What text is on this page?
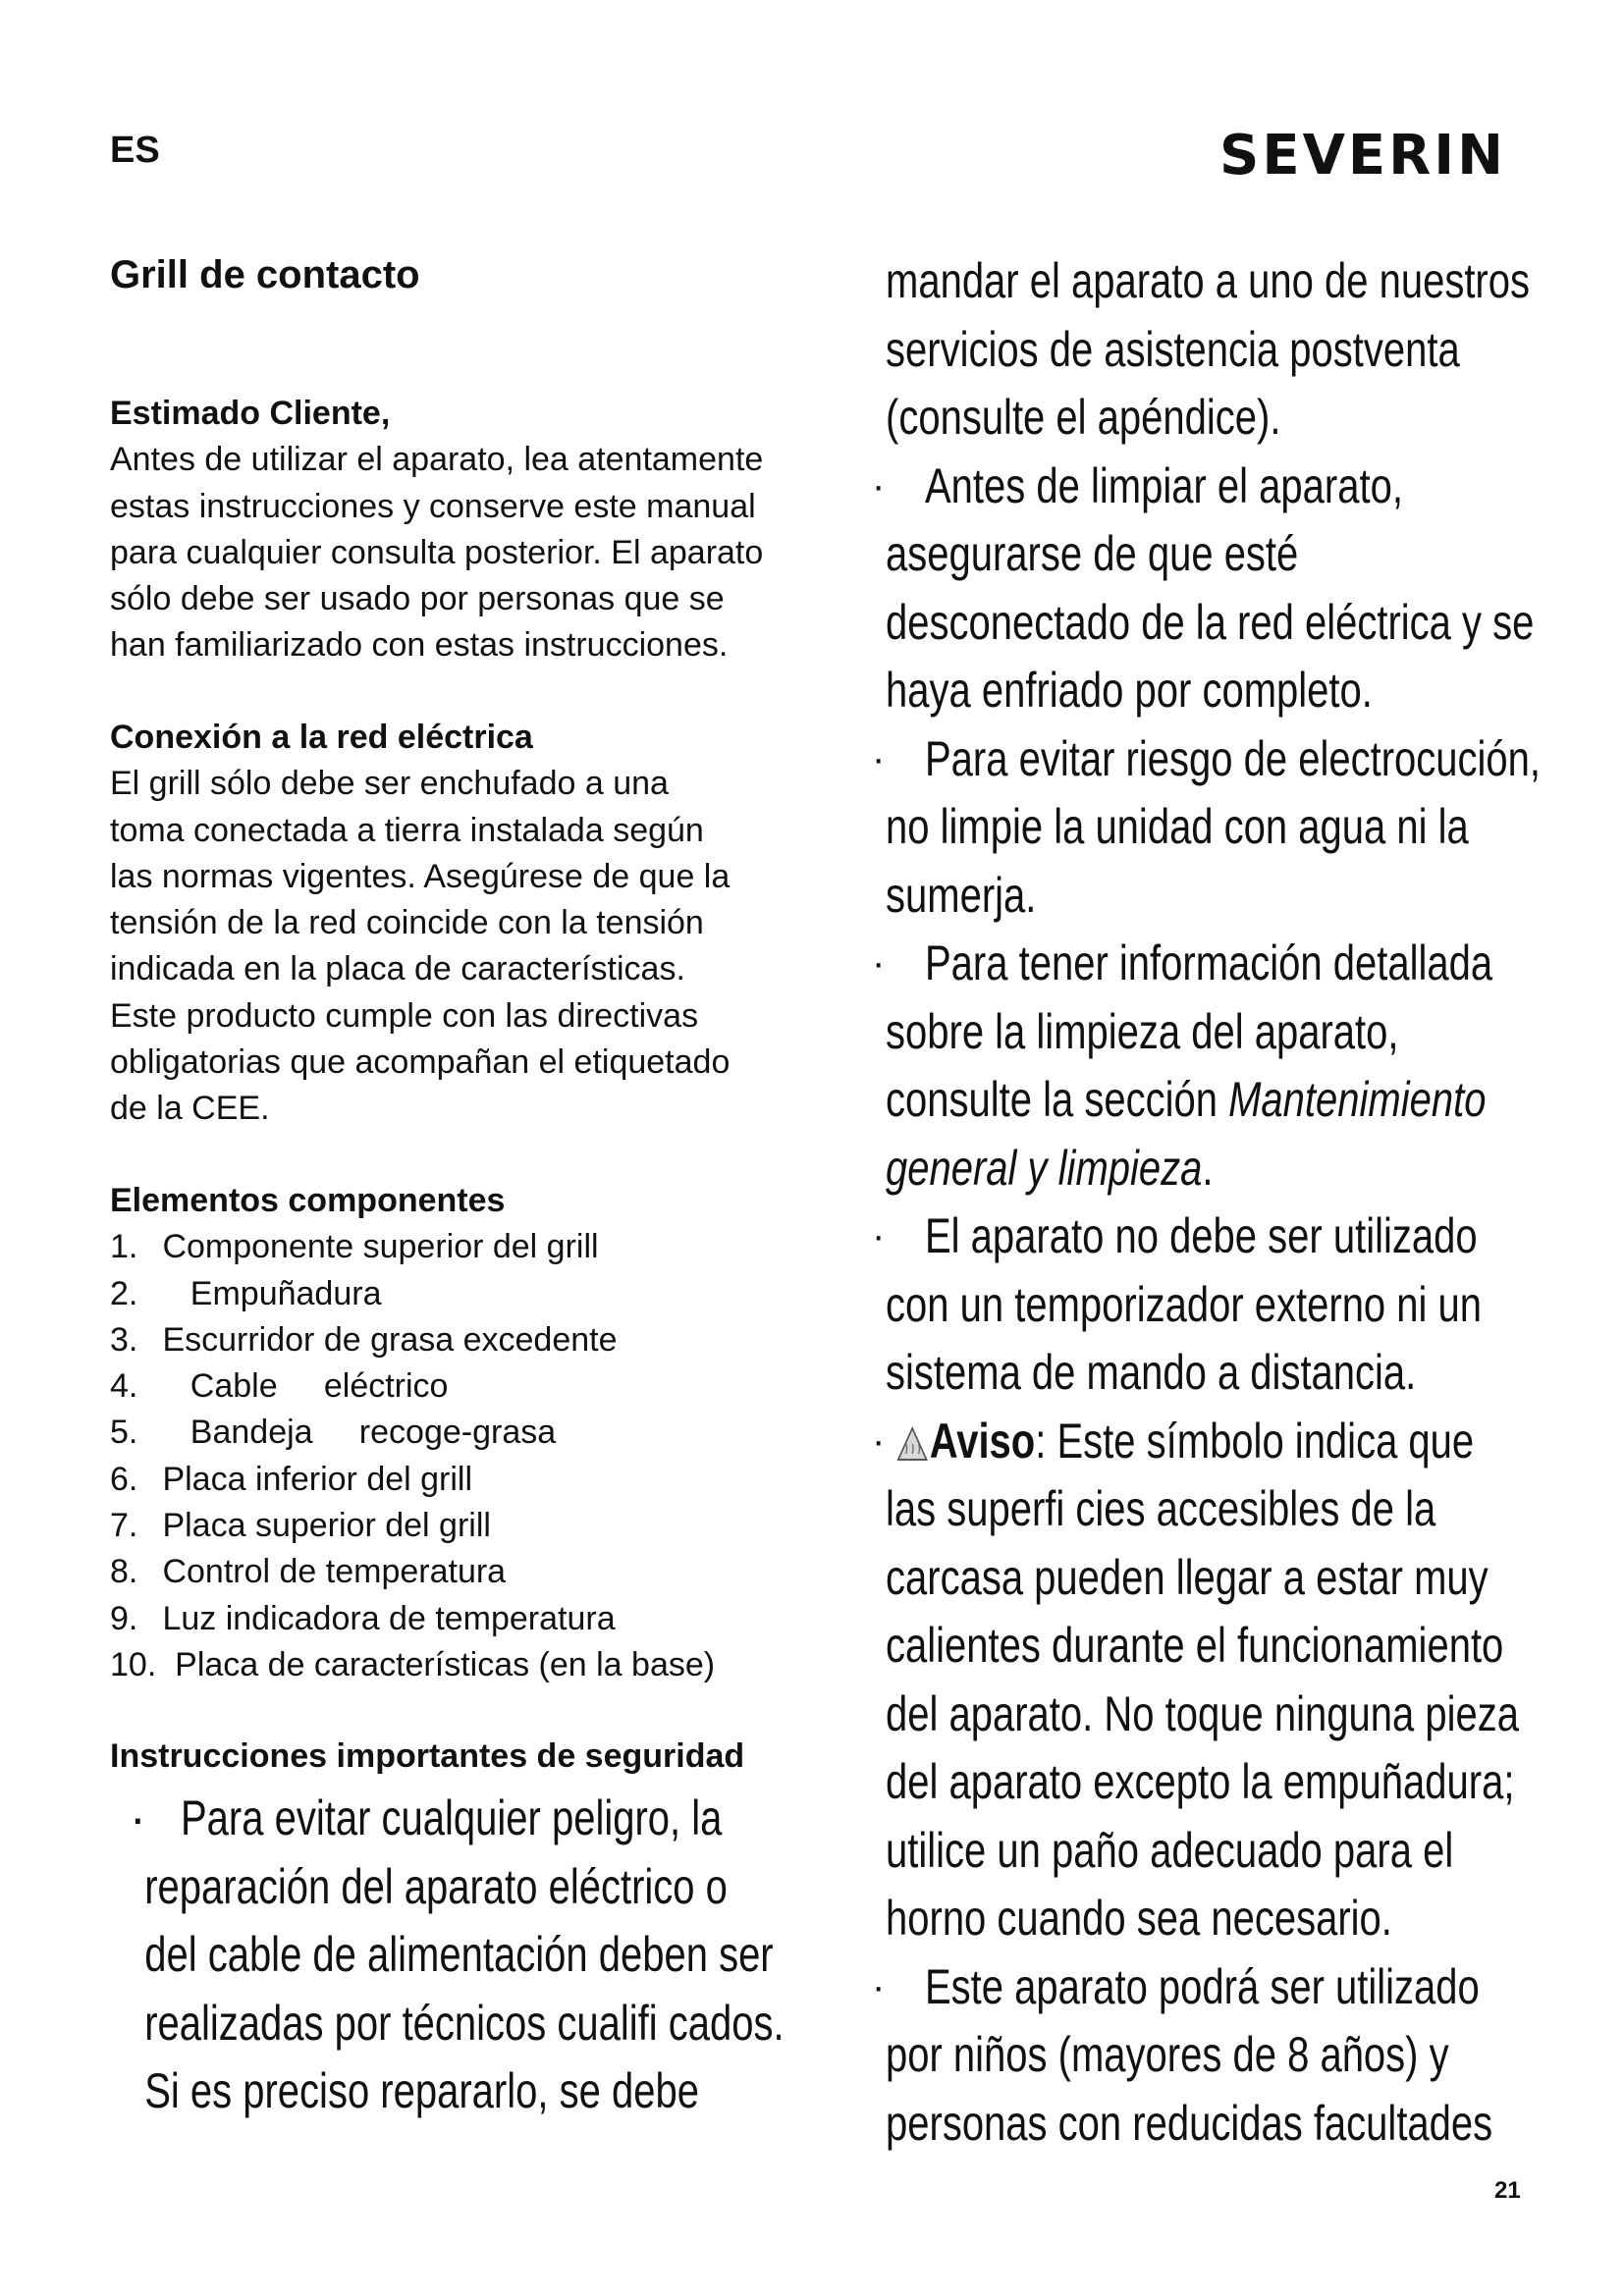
ES	SEVERIN
Grill de contacto
Estimado Cliente,

Antes de utilizar el aparato, lea atentamente
estas instrucciones y conserve este manual
para cualquier consulta posterior. El aparato
sólo debe ser usado por personas que se
han familiarizado con estas instrucciones.

Conexión a la red eléctrica

El grill sólo debe ser enchufado a una
toma conectada a tierra instalada según
las normas vigentes. Asegúrese de que la
tensión de la red coincide con la tensión
indicada en la placa de características.
Este producto cumple con las directivas
obligatorias que acompañan el etiquetado
de la CEE.

Elementos componentes
1. Componente superior del grill
2.    Empuñadura
3. Escurridor de grasa excedente
4.    Cable     eléctrico
5.    Bandeja     recoge-grasa
6. Placa inferior del grill
7. Placa superior del grill
8. Control de temperatura
9. Luz indicadora de temperatura
10.  Placa de características (en la base)
Instrucciones importantes de seguridad
· Para evitar cualquier peligro, la
reparación del aparato eléctrico o
del cable de alimentación deben ser
realizadas por técnicos cualifi cados.
Si es preciso repararlo, se debe
mandar el aparato a uno de nuestros
servicios de asistencia postventa
(consulte el apéndice).
· Antes de limpiar el aparato,
asegurarse de que esté
desconectado de la red eléctrica y se
haya enfriado por completo.
· Para evitar riesgo de electrocución,
no limpie la unidad con agua ni la
sumerja.
· Para tener información detallada
sobre la limpieza del aparato,
consulte la sección Mantenimiento
general y limpieza.
· El aparato no debe ser utilizado
con un temporizador externo ni un
sistema de mando a distancia.
· Aviso: Este símbolo indica que
las superfi cies accesibles de la
carcasa pueden llegar a estar muy
calientes durante el funcionamiento
del aparato. No toque ninguna pieza
del aparato excepto la empuñadura;
utilice un paño adecuado para el
horno cuando sea necesario.
· Este aparato podrá ser utilizado
por niños (mayores de 8 años) y
personas con reducidas facultades
21
